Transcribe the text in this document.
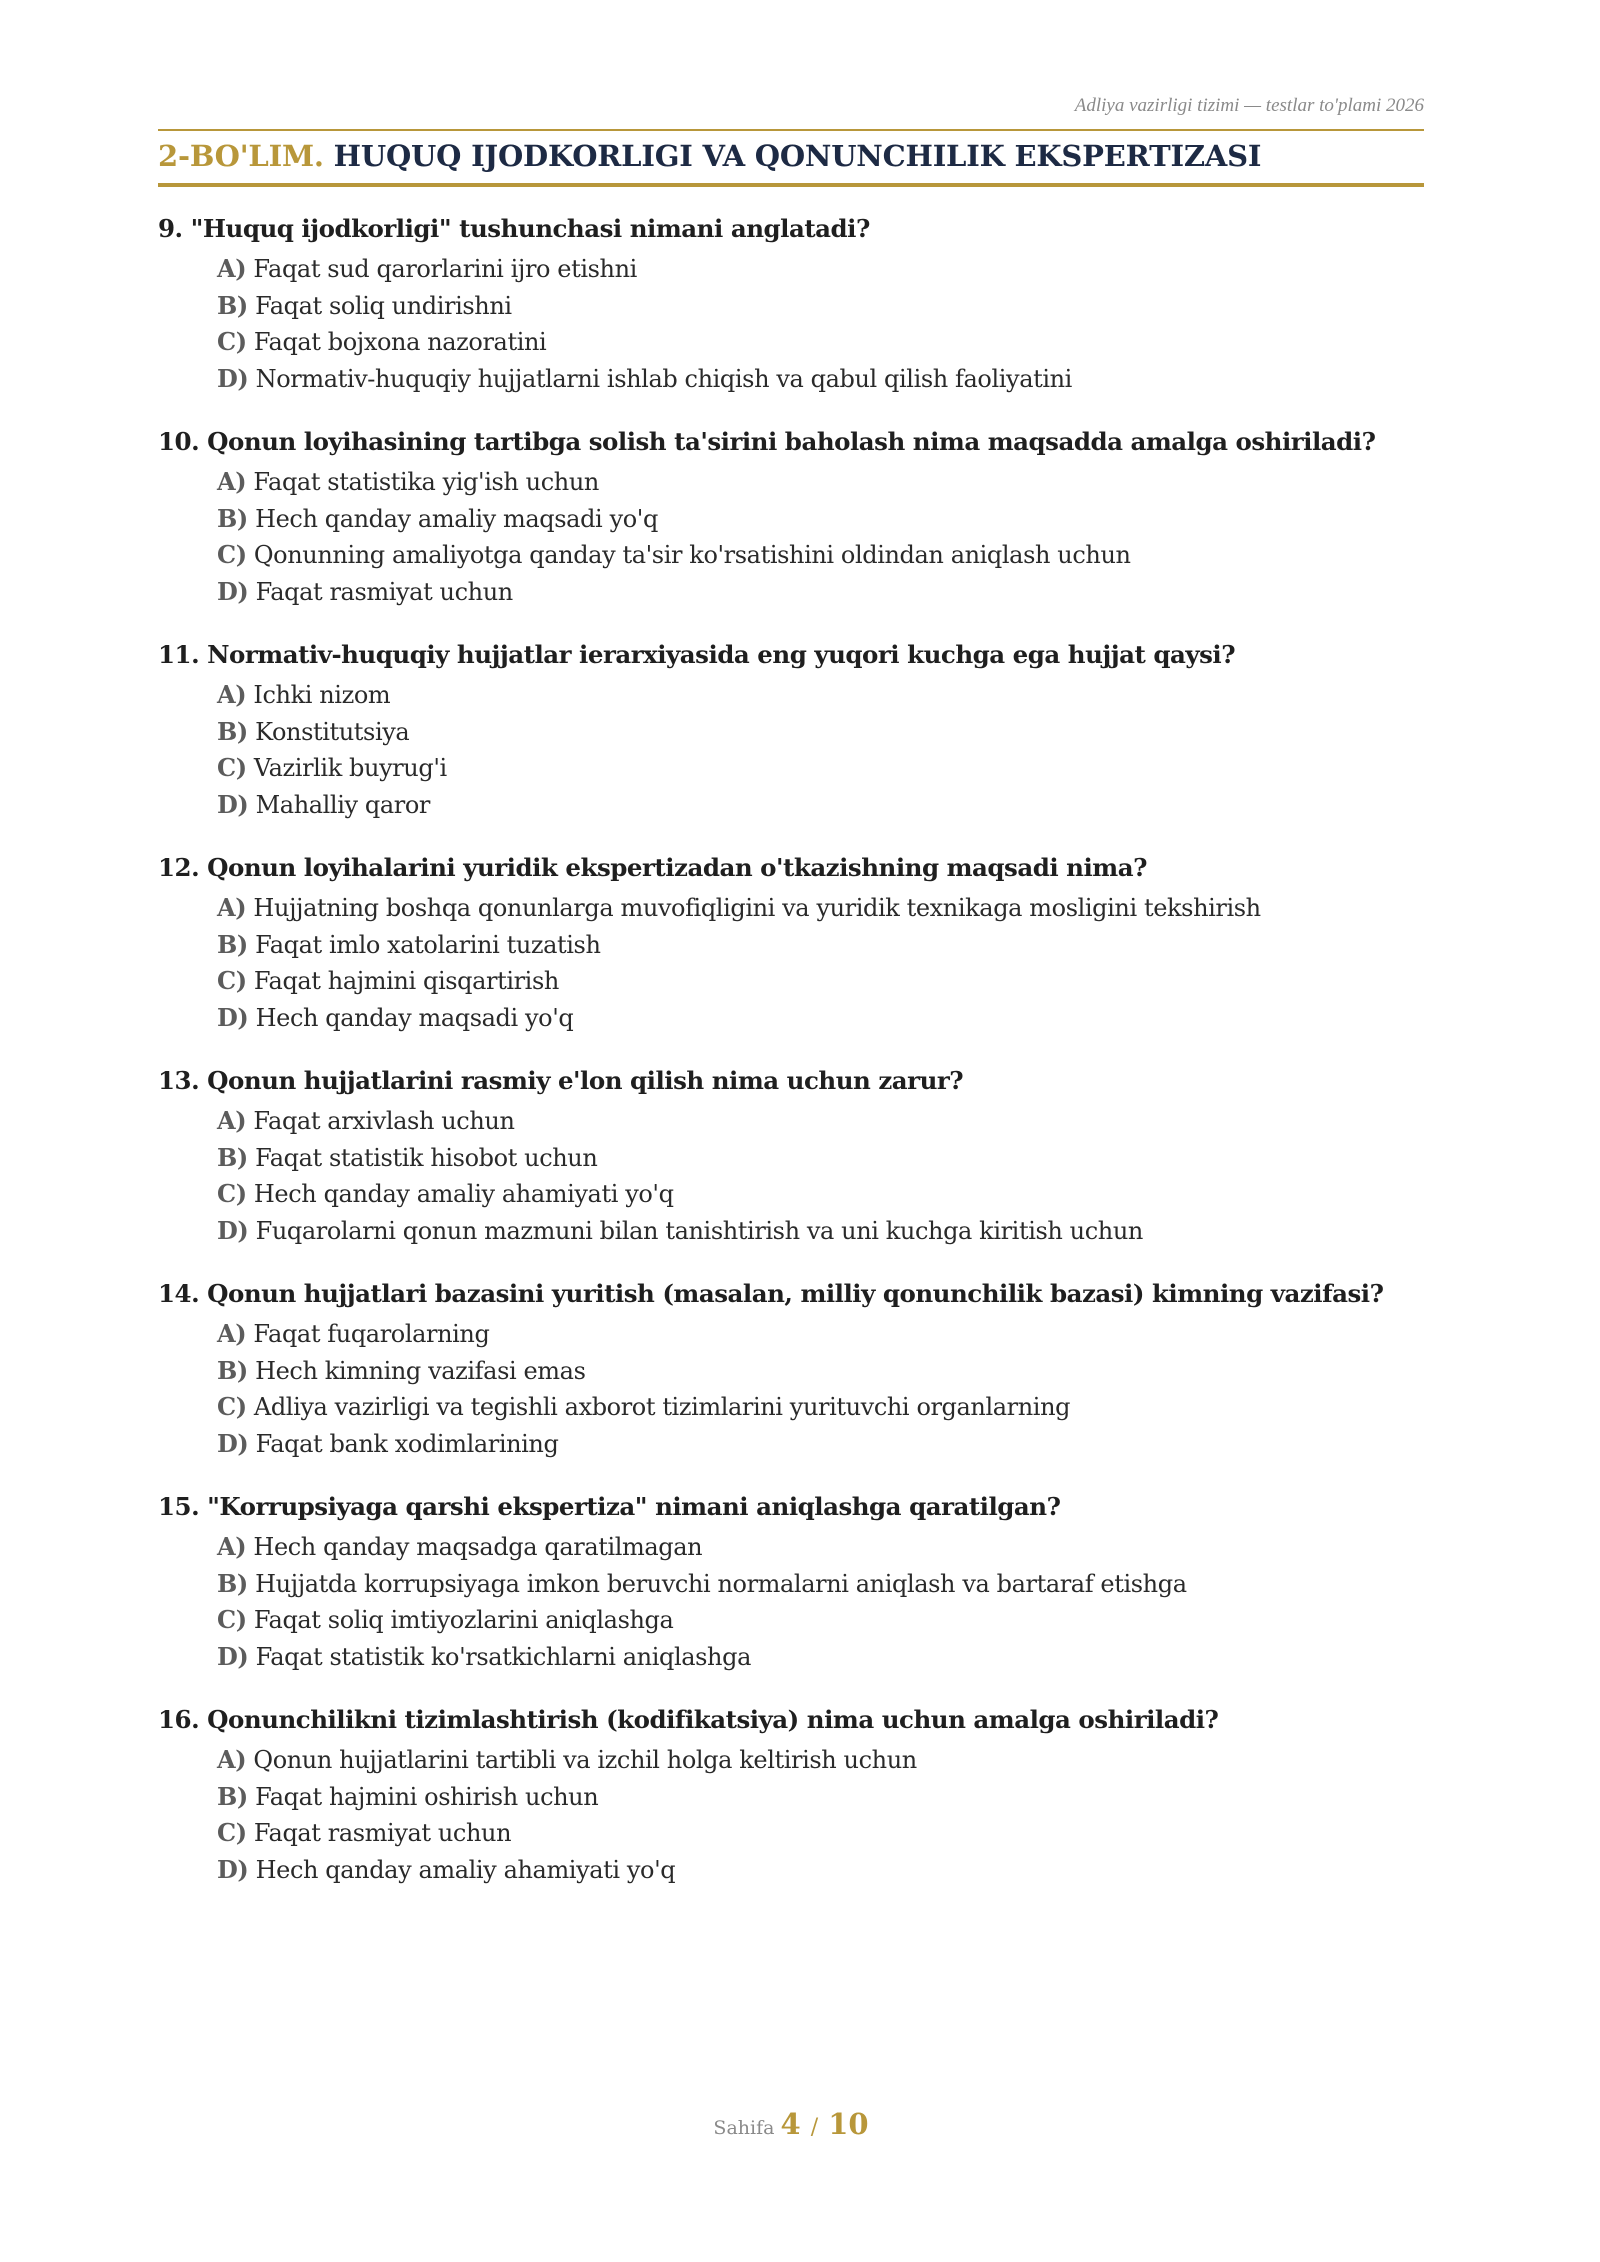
Adliya vazirligi tizimi — testlar to'plami 2026
2-BO'LIM. HUQUQ IJODKORLIGI VA QONUNCHILIK EKSPERTIZASI
9. "Huquq ijodkorligi" tushunchasi nimani anglatadi?
A) Faqat sud qarorlarini ijro etishni
B) Faqat soliq undirishni
C) Faqat bojxona nazoratini
D) Normativ-huquqiy hujjatlarni ishlab chiqish va qabul qilish faoliyatini
10. Qonun loyihasining tartibga solish ta'sirini baholash nima maqsadda amalga oshiriladi?
A) Faqat statistika yig'ish uchun
B) Hech qanday amaliy maqsadi yo'q
C) Qonunning amaliyotga qanday ta'sir ko'rsatishini oldindan aniqlash uchun
D) Faqat rasmiyat uchun
11. Normativ-huquqiy hujjatlar ierarxiyasida eng yuqori kuchga ega hujjat qaysi?
A) Ichki nizom
B) Konstitutsiya
C) Vazirlik buyrug'i
D) Mahalliy qaror
12. Qonun loyihalarini yuridik ekspertizadan o'tkazishning maqsadi nima?
A) Hujjatning boshqa qonunlarga muvofiqligini va yuridik texnikaga mosligini tekshirish
B) Faqat imlo xatolarini tuzatish
C) Faqat hajmini qisqartirish
D) Hech qanday maqsadi yo'q
13. Qonun hujjatlarini rasmiy e'lon qilish nima uchun zarur?
A) Faqat arxivlash uchun
B) Faqat statistik hisobot uchun
C) Hech qanday amaliy ahamiyati yo'q
D) Fuqarolarni qonun mazmuni bilan tanishtirish va uni kuchga kiritish uchun
14. Qonun hujjatlari bazasini yuritish (masalan, milliy qonunchilik bazasi) kimning vazifasi?
A) Faqat fuqarolarning
B) Hech kimning vazifasi emas
C) Adliya vazirligi va tegishli axborot tizimlarini yurituvchi organlarning
D) Faqat bank xodimlarining
15. "Korrupsiyaga qarshi ekspertiza" nimani aniqlashga qaratilgan?
A) Hech qanday maqsadga qaratilmagan
B) Hujjatda korrupsiyaga imkon beruvchi normalarni aniqlash va bartaraf etishga
C) Faqat soliq imtiyozlarini aniqlashga
D) Faqat statistik ko'rsatkichlarni aniqlashga
16. Qonunchilikni tizimlashtirish (kodifikatsiya) nima uchun amalga oshiriladi?
A) Qonun hujjatlarini tartibli va izchil holga keltirish uchun
B) Faqat hajmini oshirish uchun
C) Faqat rasmiyat uchun
D) Hech qanday amaliy ahamiyati yo'q
Sahifa 4 / 10
